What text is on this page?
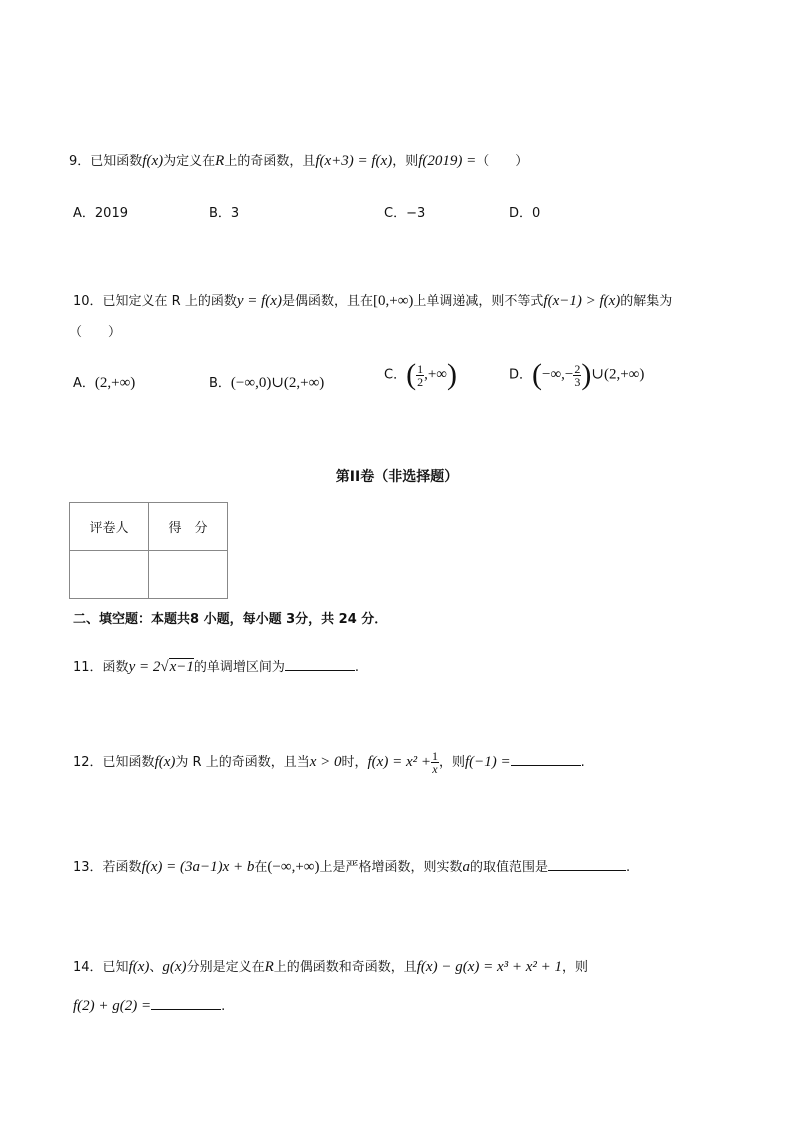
9．已知函数f(x)为定义在R上的奇函数，且f(x+3) = f(x)，则f(2019) =（　　）
A．2019	B．3	C．−3	D．0
10．已知定义在 R 上的函数y = f(x)是偶函数，且在[0,+∞)上单调递减，则不等式f(x−1) > f(x)的解集为
（　　）
A．(2,+∞)	B．(−∞,0)∪(2,+∞)	C．( $\frac{1}{2}$ ,+∞)	D．(−∞,− $\frac{2}{3}$ )∪(2,+∞)
第II卷（非选择题）
评卷人	得　分

二、填空题：本题共8 小题，每小题 3分，共 24 分．
11．函数y = 2√x−1的单调增区间为	.
12．已知函数f(x)为 R 上的奇函数，且当x > 0时，$f(x) = x^2 + \frac{1}{x}$ ，则f(−1) =	.
13．若函数f(x) = (3a−1)x + b在(−∞,+∞)上是严格增函数，则实数a的取值范围是	.
14．已知f(x)、g(x)分别是定义在R上的偶函数和奇函数，且f(x) − g(x) = x³ + x² + 1，则
f(2) + g(2) =	.
